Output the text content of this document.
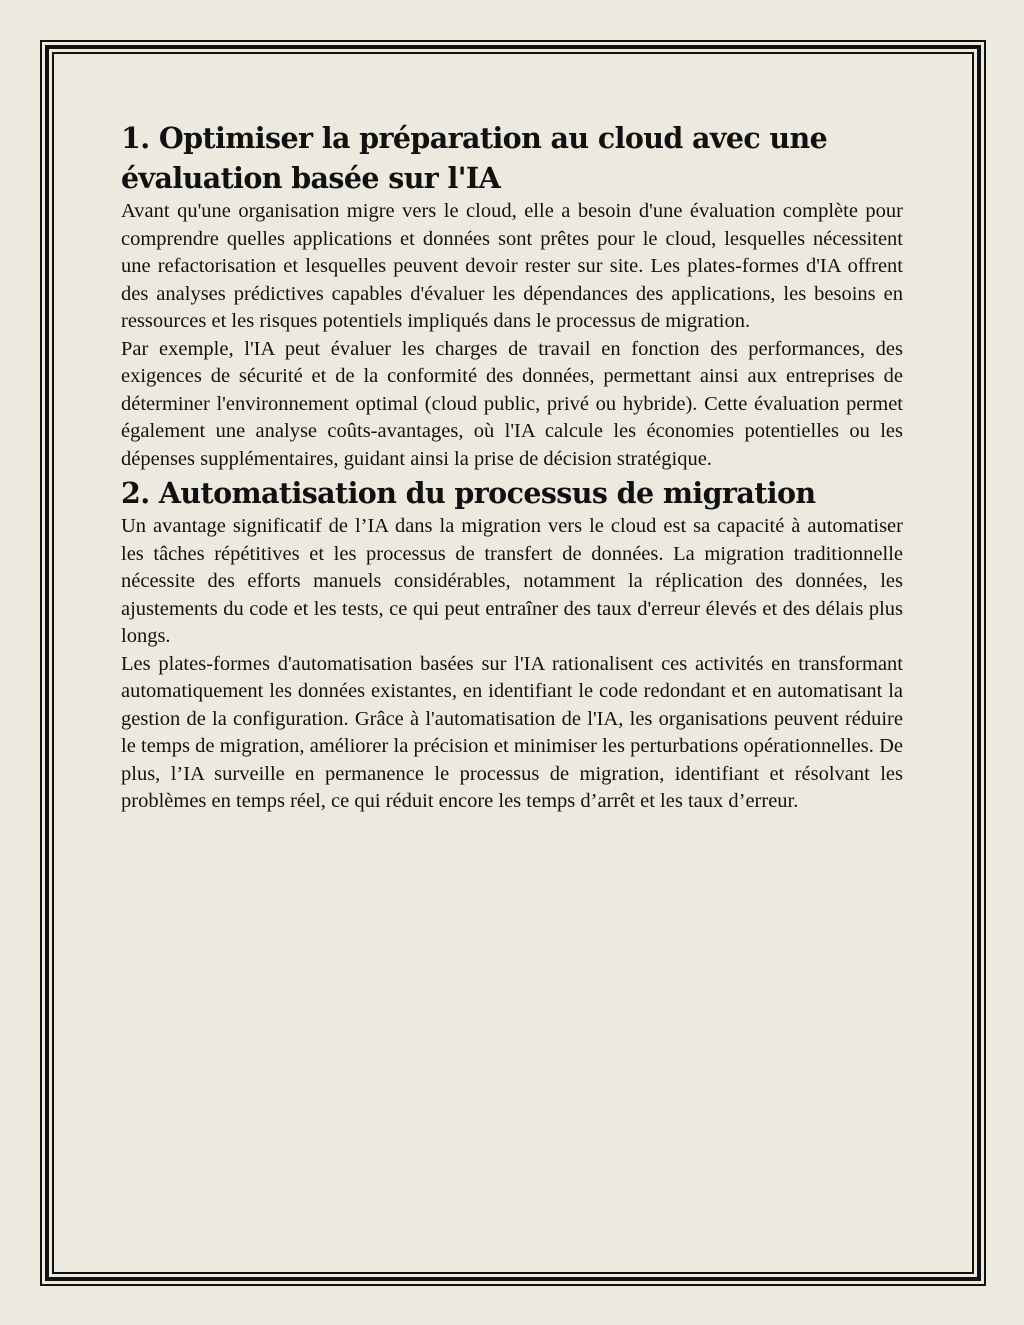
1. Optimiser la préparation au cloud avec une évaluation basée sur l'IA

Avant qu'une organisation migre vers le cloud, elle a besoin d'une évaluation complète pour comprendre quelles applications et données sont prêtes pour le cloud, lesquelles nécessitent une refactorisation et lesquelles peuvent devoir rester sur site. Les plates-formes d'IA offrent des analyses prédictives capables d'évaluer les dépendances des applications, les besoins en ressources et les risques potentiels impliqués dans le processus de migration.

Par exemple, l'IA peut évaluer les charges de travail en fonction des performances, des exigences de sécurité et de la conformité des données, permettant ainsi aux entreprises de déterminer l'environnement optimal (cloud public, privé ou hybride). Cette évaluation permet également une analyse coûts-avantages, où l'IA calcule les économies potentielles ou les dépenses supplémentaires, guidant ainsi la prise de décision stratégique.

2. Automatisation du processus de migration

Un avantage significatif de l’IA dans la migration vers le cloud est sa capacité à automatiser les tâches répétitives et les processus de transfert de données. La migration traditionnelle nécessite des efforts manuels considérables, notamment la réplication des données, les ajustements du code et les tests, ce qui peut entraîner des taux d'erreur élevés et des délais plus longs.

Les plates-formes d'automatisation basées sur l'IA rationalisent ces activités en transformant automatiquement les données existantes, en identifiant le code redondant et en automatisant la gestion de la configuration. Grâce à l'automatisation de l'IA, les organisations peuvent réduire le temps de migration, améliorer la précision et minimiser les perturbations opérationnelles. De plus, l’IA surveille en permanence le processus de migration, identifiant et résolvant les problèmes en temps réel, ce qui réduit encore les temps d’arrêt et les taux d’erreur.
